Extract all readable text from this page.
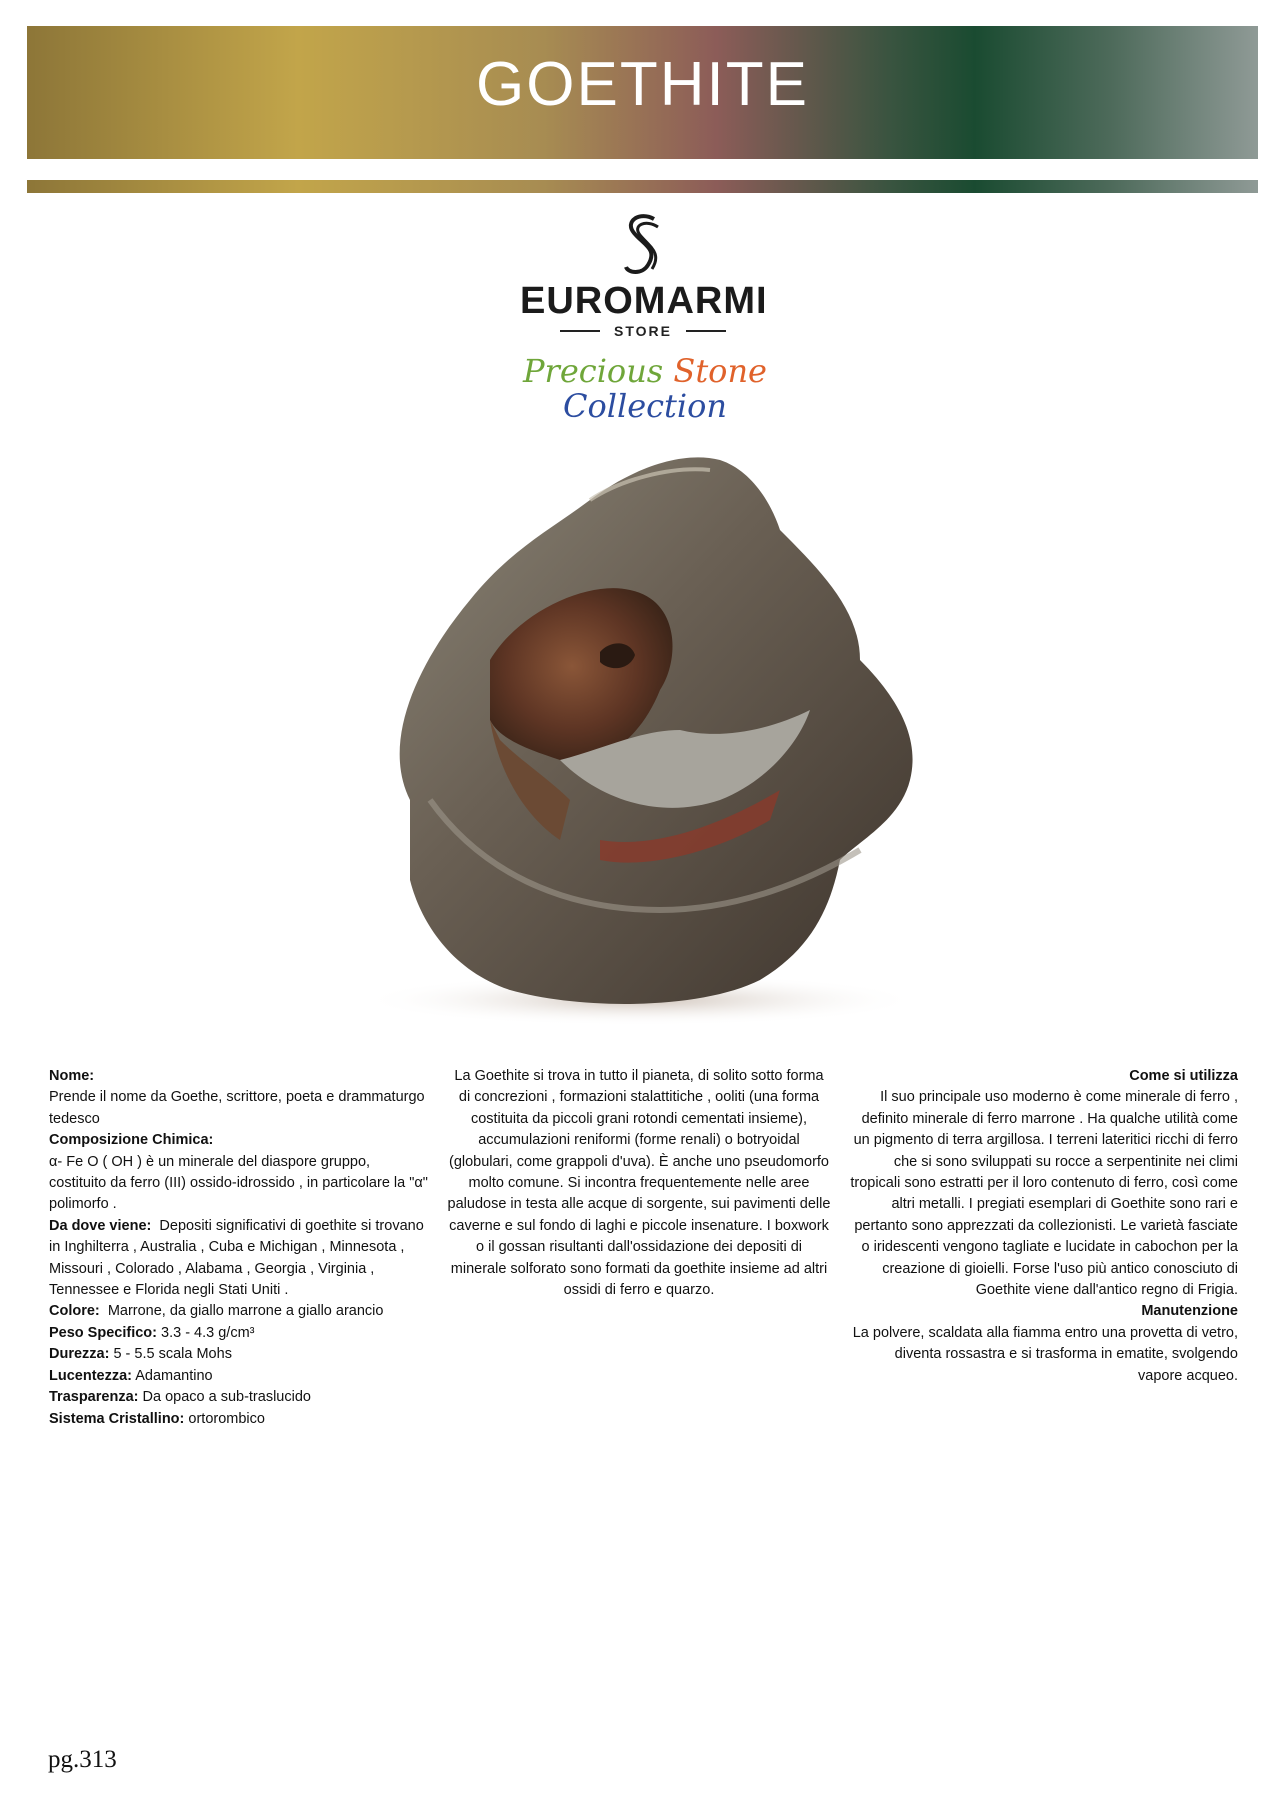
GOETHITE
EUROMARMI
STORE
Precious Stone Collection
Nome:
Prende il nome da Goethe, scrittore, poeta e drammaturgo tedesco
Composizione Chimica:
α- Fe O ( OH ) è un minerale del diaspore gruppo, costituito da ferro (III) ossido-idrossido , in particolare la "α" polimorfo .
Da dove viene: Depositi significativi di goethite si trovano in Inghilterra , Australia , Cuba e Michigan , Minnesota , Missouri , Colorado , Alabama , Georgia , Virginia , Tennessee e Florida negli Stati Uniti .
Colore: Marrone, da giallo marrone a giallo arancio
Peso Specifico: 3.3 - 4.3 g/cm³
Durezza: 5 - 5.5 scala Mohs
Lucentezza: Adamantino
Trasparenza: Da opaco a sub-traslucido
Sistema Cristallino: ortorombico
La Goethite si trova in tutto il pianeta, di solito sotto forma di concrezioni , formazioni stalattitiche , ooliti (una forma costituita da piccoli grani rotondi cementati insieme), accumulazioni reniformi (forme renali) o botryoidal (globulari, come grappoli d'uva). È anche uno pseudomorfo molto comune. Si incontra frequentemente nelle aree paludose in testa alle acque di sorgente, sui pavimenti delle caverne e sul fondo di laghi e piccole insenature. I boxwork o il gossan risultanti dall'ossidazione dei depositi di minerale solforato sono formati da goethite insieme ad altri ossidi di ferro e quarzo.
Come si utilizza
Il suo principale uso moderno è come minerale di ferro , definito minerale di ferro marrone . Ha qualche utilità come un pigmento di terra argillosa. I terreni lateritici ricchi di ferro che si sono sviluppati su rocce a serpentinite nei climi tropicali sono estratti per il loro contenuto di ferro, così come altri metalli. I pregiati esemplari di Goethite sono rari e pertanto sono apprezzati da collezionisti. Le varietà fasciate o iridescenti vengono tagliate e lucidate in cabochon per la creazione di gioielli. Forse l'uso più antico conosciuto di Goethite viene dall'antico regno di Frigia.
Manutenzione
La polvere, scaldata alla fiamma entro una provetta di vetro, diventa rossastra e si trasforma in ematite, svolgendo vapore acqueo.
pg.313
